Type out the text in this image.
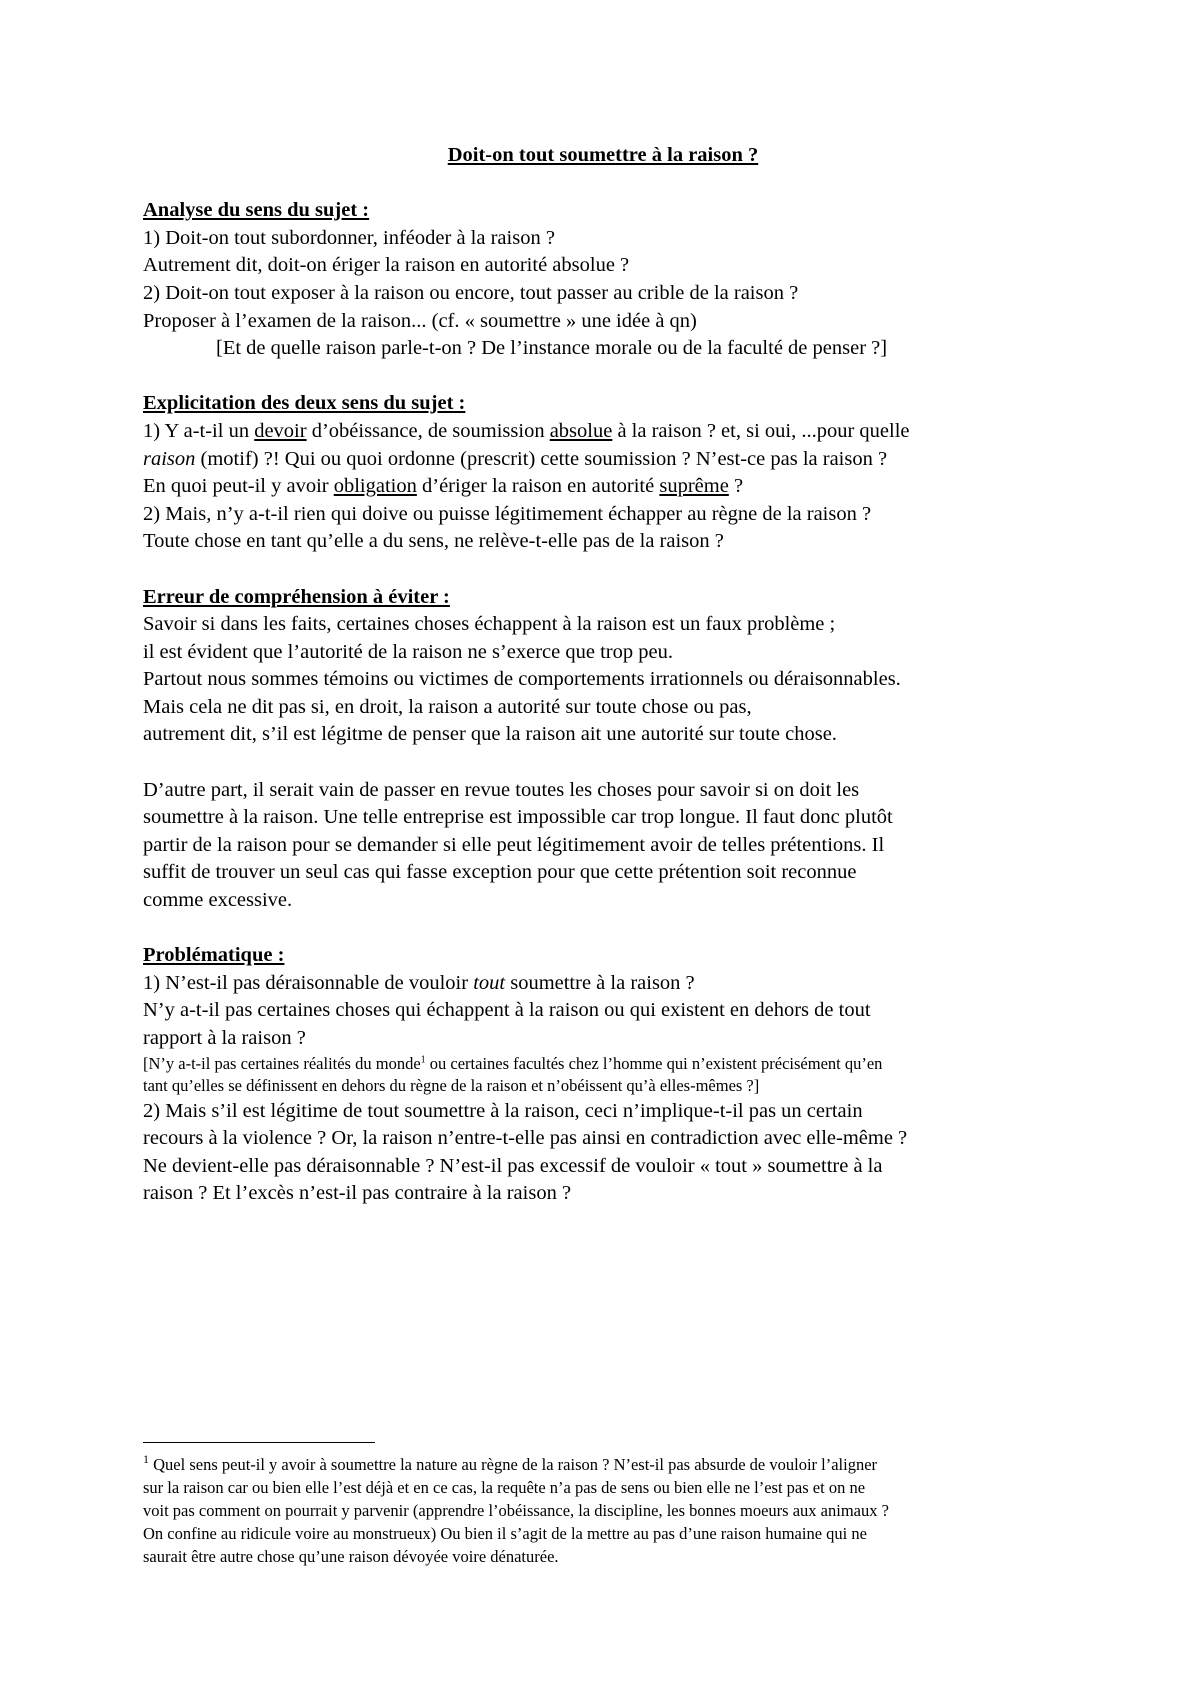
Doit-on tout soumettre à la raison ?

Analyse du sens du sujet :

1) Doit-on tout subordonner, inféoder à la raison ?

Autrement dit, doit-on ériger la raison en autorité absolue ?

2) Doit-on tout exposer à la raison ou encore, tout passer au crible de la raison ?

Proposer à l’examen de la raison... (cf. « soumettre » une idée à qn)

[Et de quelle raison parle-t-on ? De l’instance morale ou de la faculté de penser ?]

Explicitation des deux sens du sujet :

1) Y a-t-il un devoir d’obéissance, de soumission absolue à la raison ? et, si oui, ...pour quelle

raison (motif) ?! Qui ou quoi ordonne (prescrit) cette soumission ? N’est-ce pas la raison ?

En quoi peut-il y avoir obligation d’ériger la raison en autorité suprême ?

2) Mais, n’y a-t-il rien qui doive ou puisse légitimement échapper au règne de la raison ?

Toute chose en tant qu’elle a du sens, ne relève-t-elle pas de la raison ?

Erreur de compréhension à éviter :

Savoir si dans les faits, certaines choses échappent à la raison est un faux problème ;

il est évident que l’autorité de la raison ne s’exerce que trop peu.

Partout nous sommes témoins ou victimes de comportements irrationnels ou déraisonnables.

Mais cela ne dit pas si, en droit, la raison a autorité sur toute chose ou pas,

autrement dit, s’il est légitme de penser que la raison ait une autorité sur toute chose.

D’autre part, il serait vain de passer en revue toutes les choses pour savoir si on doit les

soumettre à la raison. Une telle entreprise est impossible car trop longue. Il faut donc plutôt

partir de la raison pour se demander si elle peut légitimement avoir de telles prétentions. Il

suffit de trouver un seul cas qui fasse exception pour que cette prétention soit reconnue

comme excessive.

Problématique :

1) N’est-il pas déraisonnable de vouloir tout soumettre à la raison ?

N’y a-t-il pas certaines choses qui échappent à la raison ou qui existent en dehors de tout

rapport à la raison ?

[N’y a-t-il pas certaines réalités du monde$^1$ ou certaines facultés chez l’homme qui n’existent précisément qu’en

tant qu’elles se définissent en dehors du règne de la raison et n’obéissent qu’à elles-mêmes ?]

2) Mais s’il est légitime de tout soumettre à la raison, ceci n’implique-t-il pas un certain

recours à la violence ? Or, la raison n’entre-t-elle pas ainsi en contradiction avec elle-même ?

Ne devient-elle pas déraisonnable ? N’est-il pas excessif de vouloir « tout » soumettre à la

raison ? Et l’excès n’est-il pas contraire à la raison ?

$^1$ Quel sens peut-il y avoir à soumettre la nature au règne de la raison ? N’est-il pas absurde de vouloir l’aligner
sur la raison car ou bien elle l’est déjà et en ce cas, la requête n’a pas de sens ou bien elle ne l’est pas et on ne
voit pas comment on pourrait y parvenir (apprendre l’obéissance, la discipline, les bonnes moeurs aux animaux ?
On confine au ridicule voire au monstrueux) Ou bien il s’agit de la mettre au pas d’une raison humaine qui ne
saurait être autre chose qu’une raison dévoyée voire dénaturée.
